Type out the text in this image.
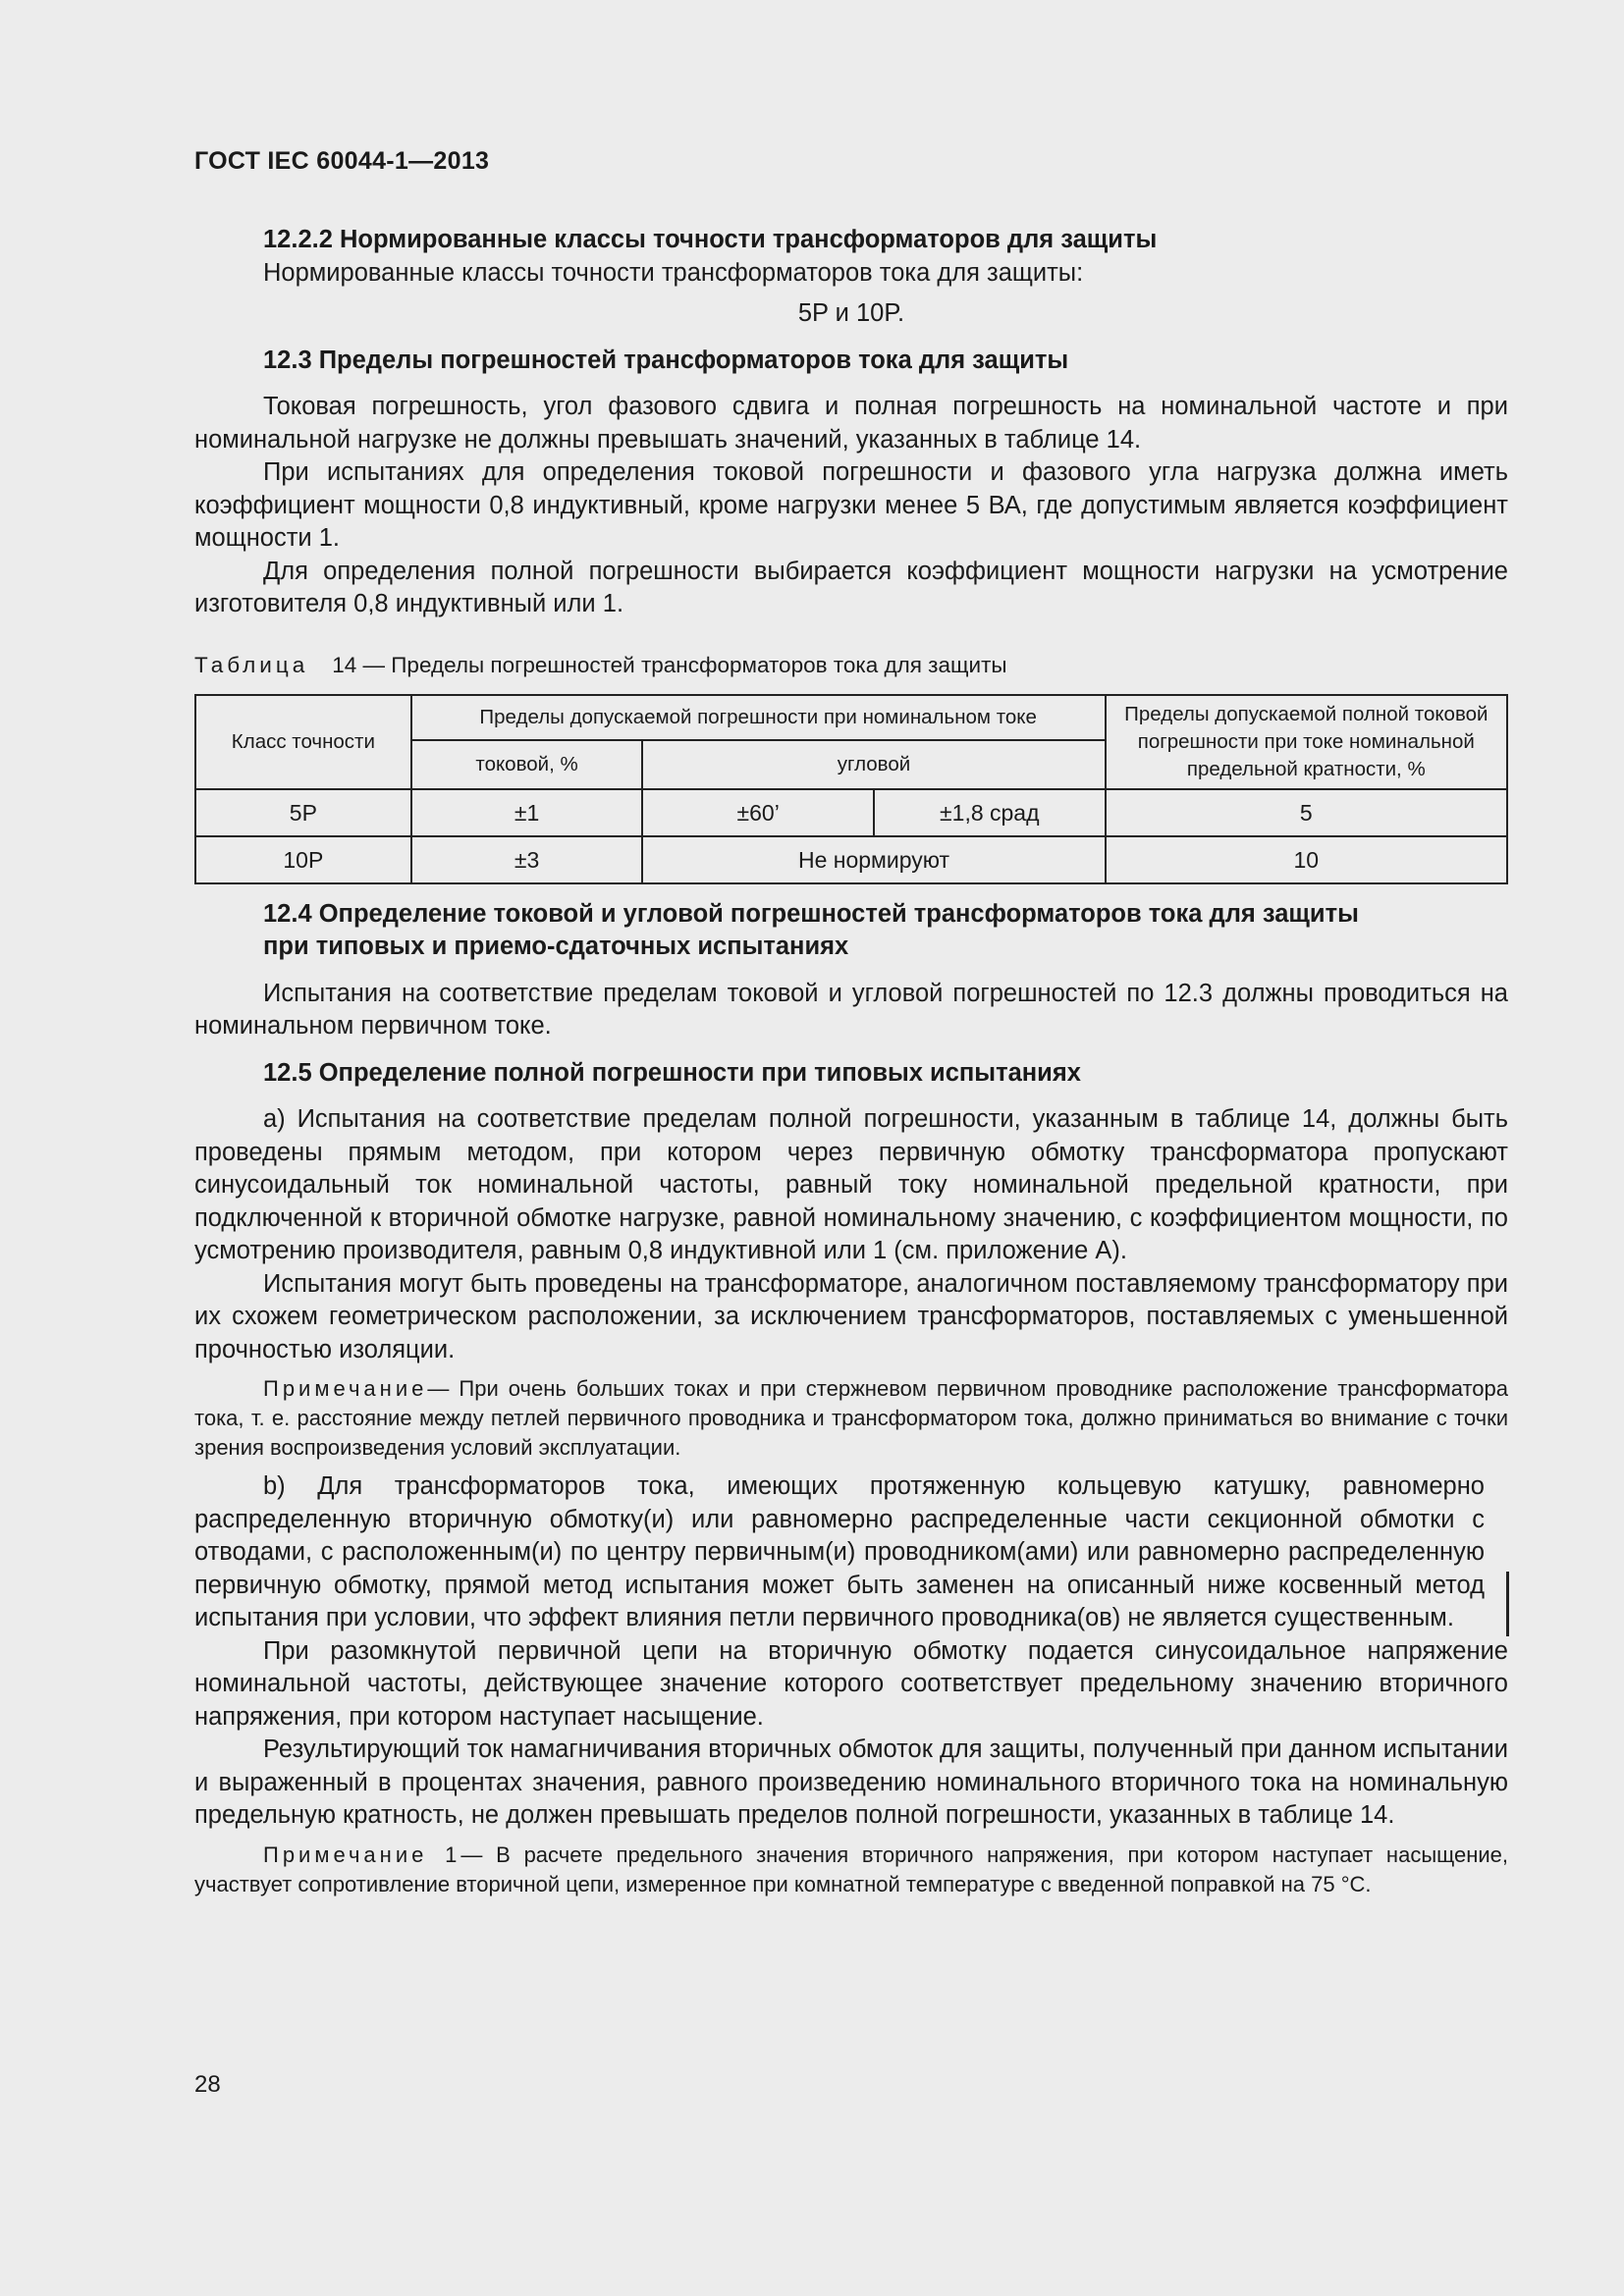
ГОСТ IEC 60044-1—2013
12.2.2 Нормированные классы точности трансформаторов для защиты

Нормированные классы точности трансформаторов тока для защиты:

5P и 10P.

12.3 Пределы погрешностей трансформаторов тока для защиты

Токовая погрешность, угол фазового сдвига и полная погрешность на номинальной частоте и при номинальной нагрузке не должны превышать значений, указанных в таблице 14.

При испытаниях для определения токовой погрешности и фазового угла нагрузка должна иметь коэффициент мощности 0,8 индуктивный, кроме нагрузки менее 5 ВА, где допустимым является коэффициент мощности 1.

Для определения полной погрешности выбирается коэффициент мощности нагрузки на усмотрение изготовителя 0,8 индуктивный или 1.

Таблица 14 — Пределы погрешностей трансформаторов тока для защиты
Класс точности	Пределы допускаемой погрешности при номинальном токе			Пределы допускаемой полной токовой погрешности при токе номинальной предельной кратности, %
	токовой, %	угловой		
5P	±1	±60’	±1,8 срад	5
10P	±3	Не нормируют		10
12.4 Определение токовой и угловой погрешностей трансформаторов тока для защиты
при типовых и приемо-сдаточных испытаниях

Испытания на соответствие пределам токовой и угловой погрешностей по 12.3 должны проводиться на номинальном первичном токе.

12.5 Определение полной погрешности при типовых испытаниях

a) Испытания на соответствие пределам полной погрешности, указанным в таблице 14, должны быть проведены прямым методом, при котором через первичную обмотку трансформатора пропускают синусоидальный ток номинальной частоты, равный току номинальной предельной кратности, при подключенной к вторичной обмотке нагрузке, равной номинальному значению, с коэффициентом мощности, по усмотрению производителя, равным 0,8 индуктивной или 1 (см. приложение А).

Испытания могут быть проведены на трансформаторе, аналогичном поставляемому трансформатору при их схожем геометрическом расположении, за исключением трансформаторов, поставляемых с уменьшенной прочностью изоляции.

Примечание— При очень больших токах и при стержневом первичном проводнике расположение трансформатора тока, т. е. расстояние между петлей первичного проводника и трансформатором тока, должно приниматься во внимание с точки зрения воспроизведения условий эксплуатации.

b) Для трансформаторов тока, имеющих протяженную кольцевую катушку, равномерно распределенную вторичную обмотку(и) или равномерно распределенные части секционной обмотки с отводами, с расположенным(и) по центру первичным(и) проводником(ами) или равномерно распределенную первичную обмотку, прямой метод испытания может быть заменен на описанный ниже косвенный метод испытания при условии, что эффект влияния петли первичного проводника(ов) не является существенным.

При разомкнутой первичной цепи на вторичную обмотку подается синусоидальное напряжение номинальной частоты, действующее значение которого соответствует предельному значению вторичного напряжения, при котором наступает насыщение.

Результирующий ток намагничивания вторичных обмоток для защиты, полученный при данном испытании и выраженный в процентах значения, равного произведению номинального вторичного тока на номинальную предельную кратность, не должен превышать пределов полной погрешности, указанных в таблице 14.

Примечание 1— В расчете предельного значения вторичного напряжения, при котором наступает насыщение, участвует сопротивление вторичной цепи, измеренное при комнатной температуре с введенной поправкой на 75 °С.

28
